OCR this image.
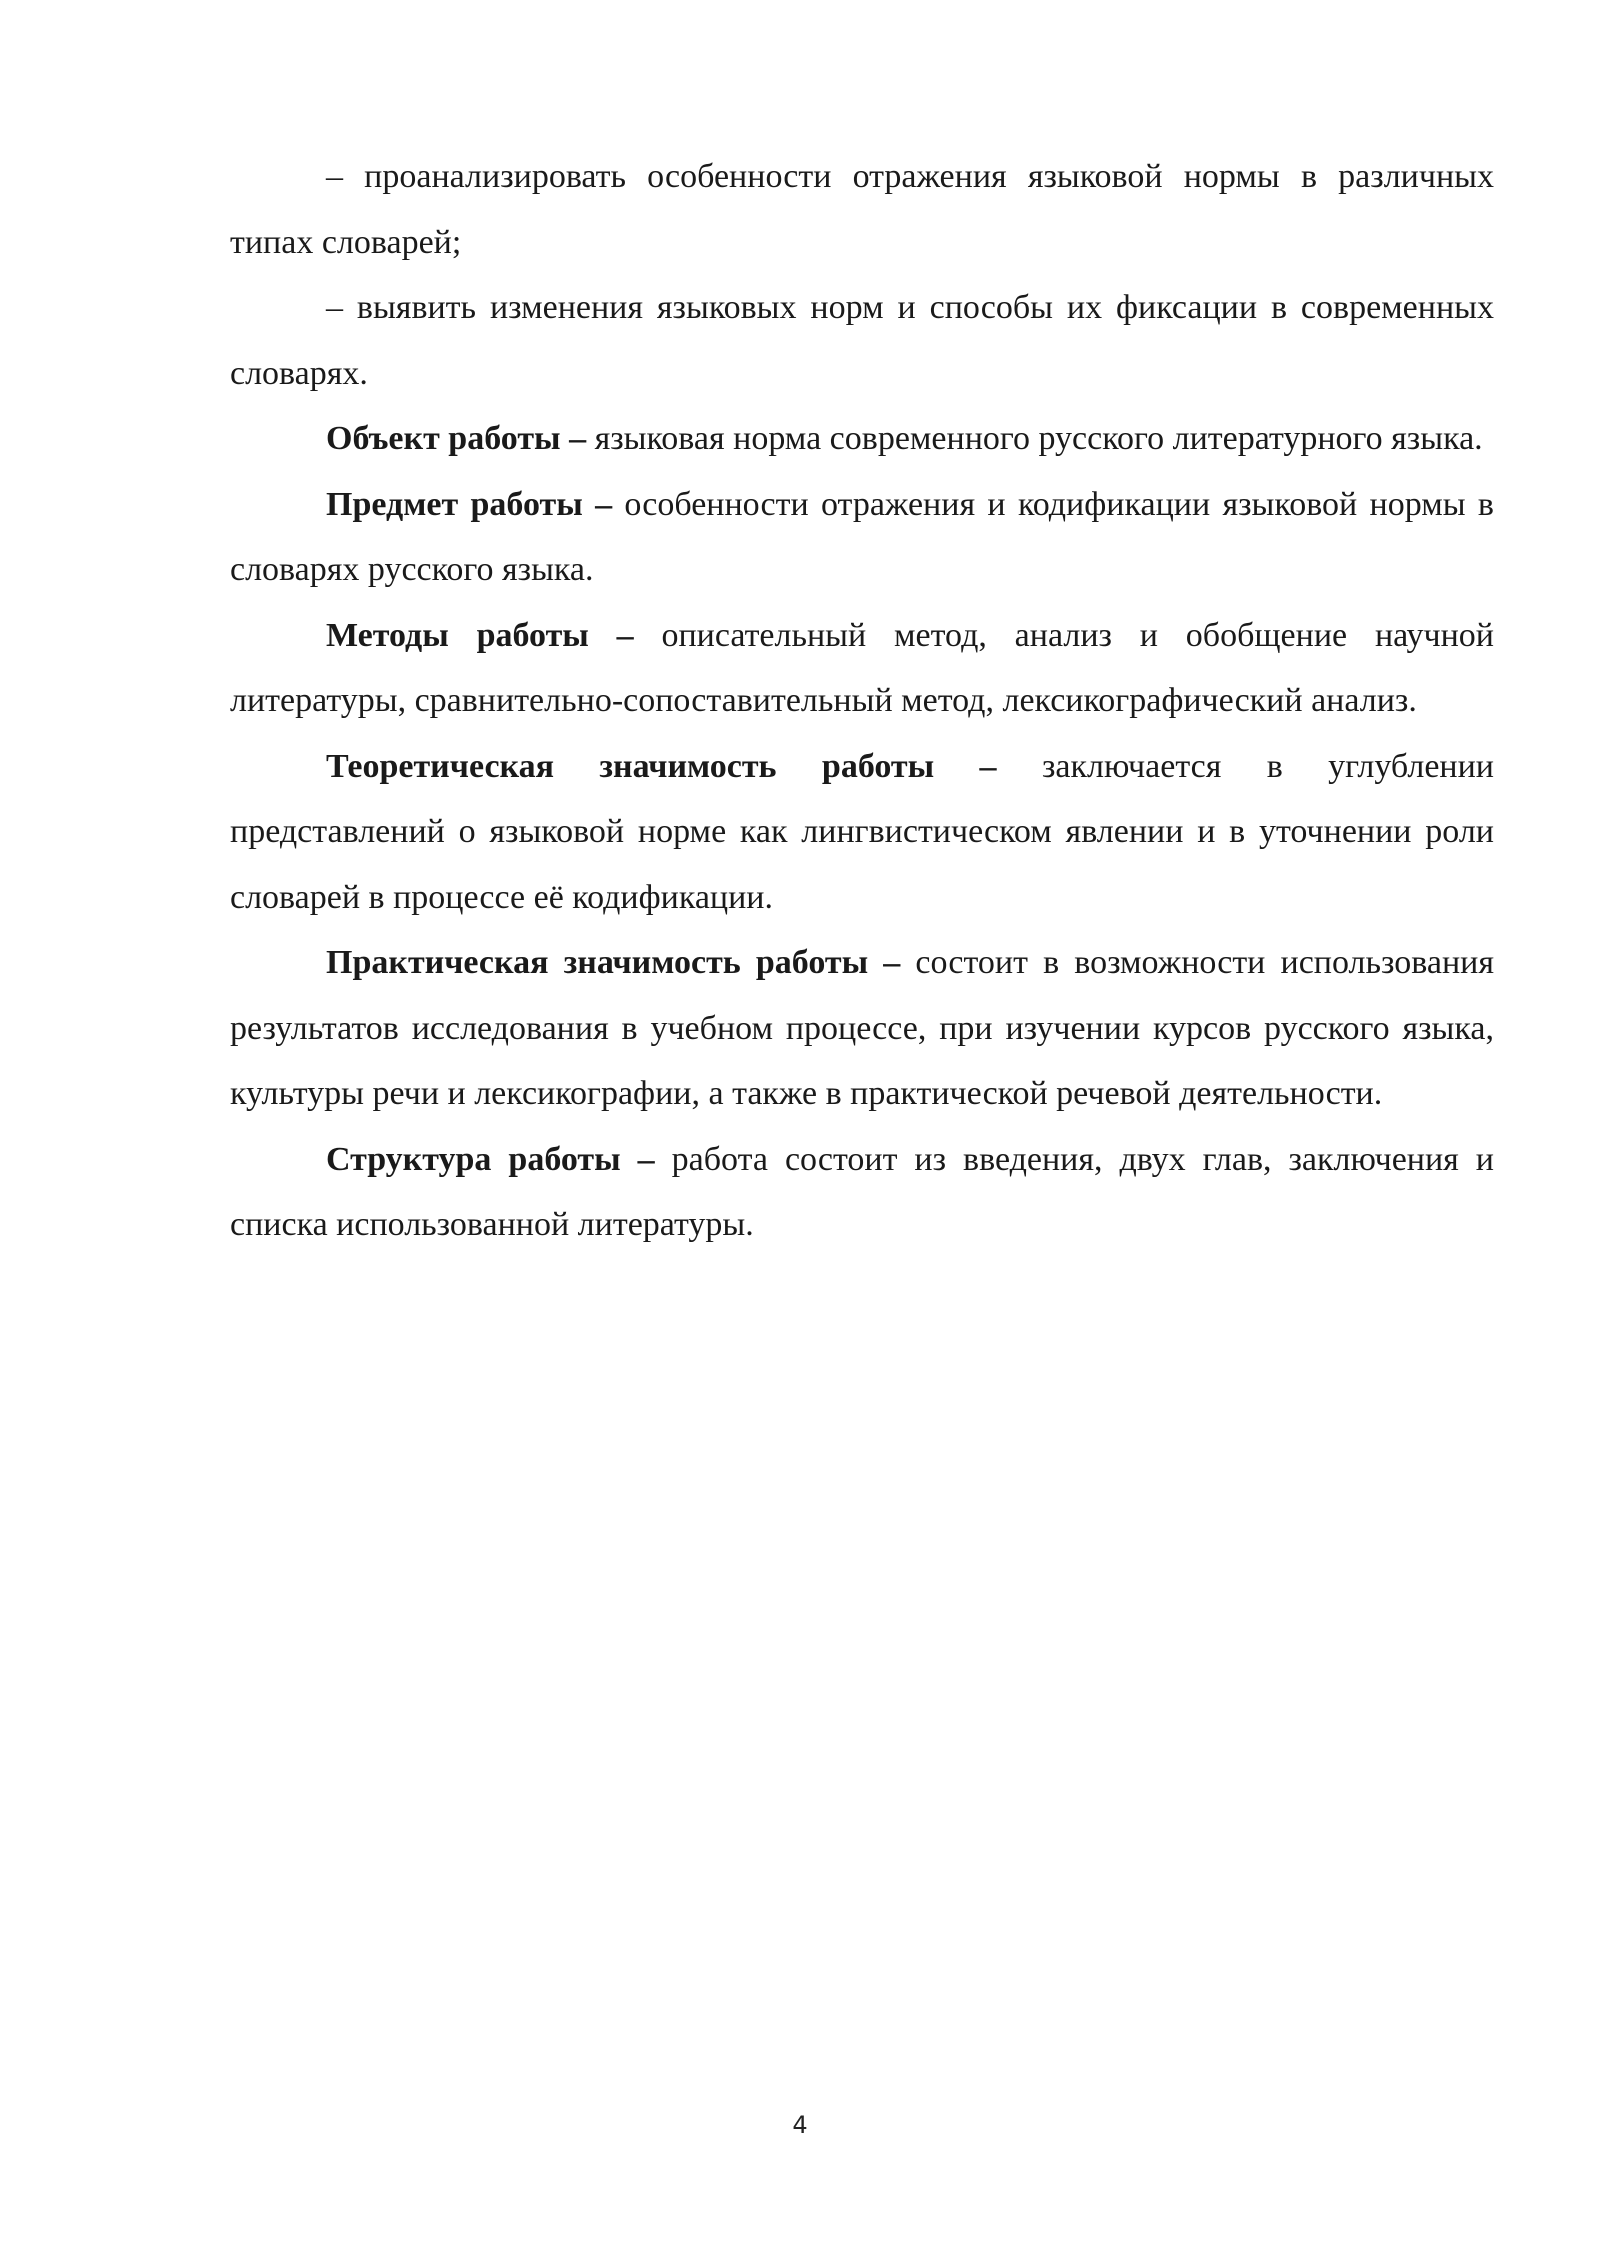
– проанализировать особенности отражения языковой нормы в различных типах словарей;

– выявить изменения языковых норм и способы их фиксации в современных словарях.

Объект работы – языковая норма современного русского литературного языка.

Предмет работы – особенности отражения и кодификации языковой нормы в словарях русского языка.

Методы работы – описательный метод, анализ и обобщение научной литературы, сравнительно-сопоставительный метод, лексикографический анализ.

Теоретическая значимость работы – заключается в углублении представлений о языковой норме как лингвистическом явлении и в уточнении роли словарей в процессе её кодификации.

Практическая значимость работы – состоит в возможности использования результатов исследования в учебном процессе, при изучении курсов русского языка, культуры речи и лексикографии, а также в практической речевой деятельности.

Структура работы – работа состоит из введения, двух глав, заключения и списка использованной литературы.

4
